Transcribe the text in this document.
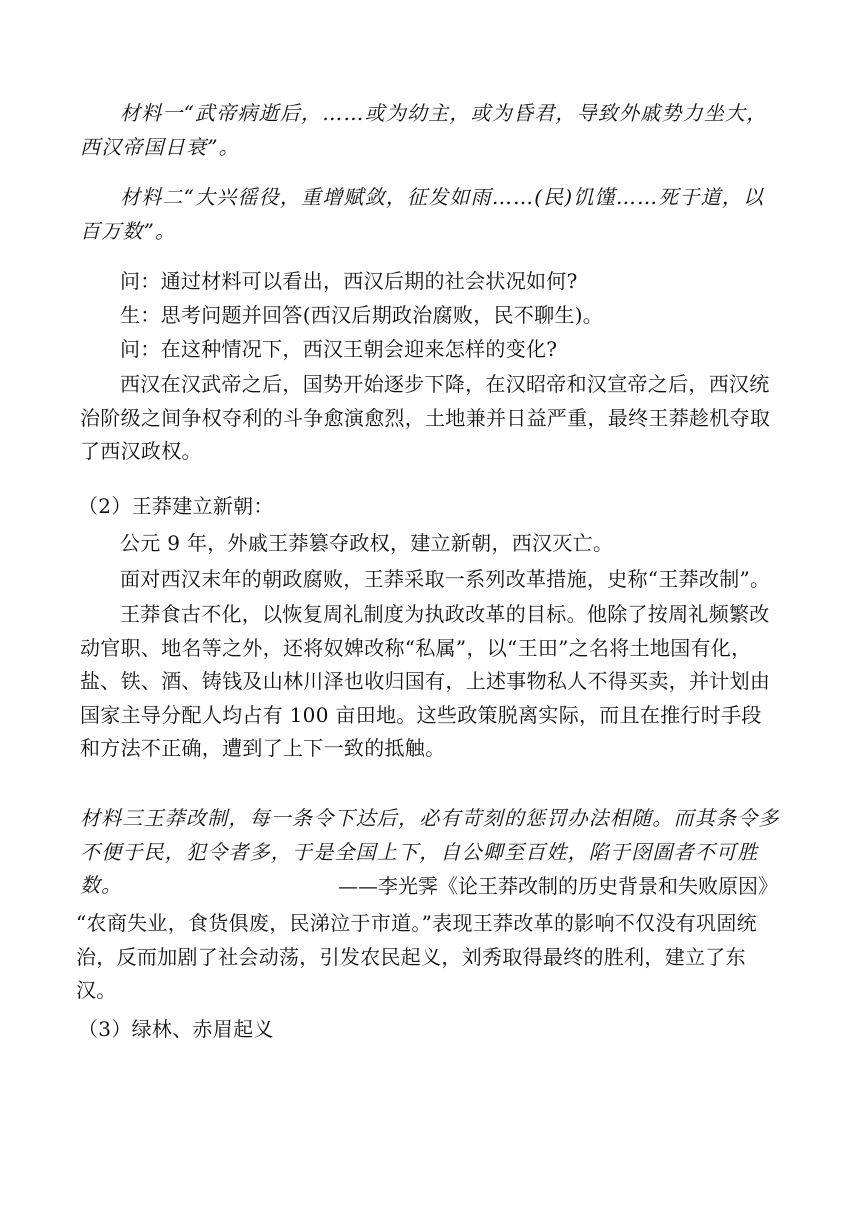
材料一“武帝病逝后，……或为幼主，或为昏君，导致外戚势力坐大，西汉帝国日衰”。

材料二“大兴徭役，重增赋敛，征发如雨……(民)饥馑……死于道，以百万数”。

问：通过材料可以看出，西汉后期的社会状况如何?

生：思考问题并回答(西汉后期政治腐败，民不聊生)。

问：在这种情况下，西汉王朝会迎来怎样的变化?

西汉在汉武帝之后，国势开始逐步下降，在汉昭帝和汉宣帝之后，西汉统治阶级之间争权夺利的斗争愈演愈烈，土地兼并日益严重，最终王莽趁机夺取了西汉政权。

（2）王莽建立新朝：

公元 9 年，外戚王莽篡夺政权，建立新朝，西汉灭亡。

面对西汉末年的朝政腐败，王莽采取一系列改革措施，史称“王莽改制”。

王莽食古不化，以恢复周礼制度为执政改革的目标。他除了按周礼频繁改动官职、地名等之外，还将奴婢改称“私属”，以“王田”之名将土地国有化，盐、铁、酒、铸钱及山林川泽也收归国有，上述事物私人不得买卖，并计划由国家主导分配人均占有 100 亩田地。这些政策脱离实际，而且在推行时手段和方法不正确，遭到了上下一致的抵触。

材料三王莽改制，每一条令下达后，必有苛刻的惩罚办法相随。而其条令多不便于民，犯令者多，于是全国上下，自公卿至百姓，陷于囹圄者不可胜数。	——李光霁《论王莽改制的历史背景和失败原因》

“农商失业，食货俱废，民涕泣于市道。”表现王莽改革的影响不仅没有巩固统治，反而加剧了社会动荡，引发农民起义，刘秀取得最终的胜利，建立了东汉。

（3）绿林、赤眉起义
